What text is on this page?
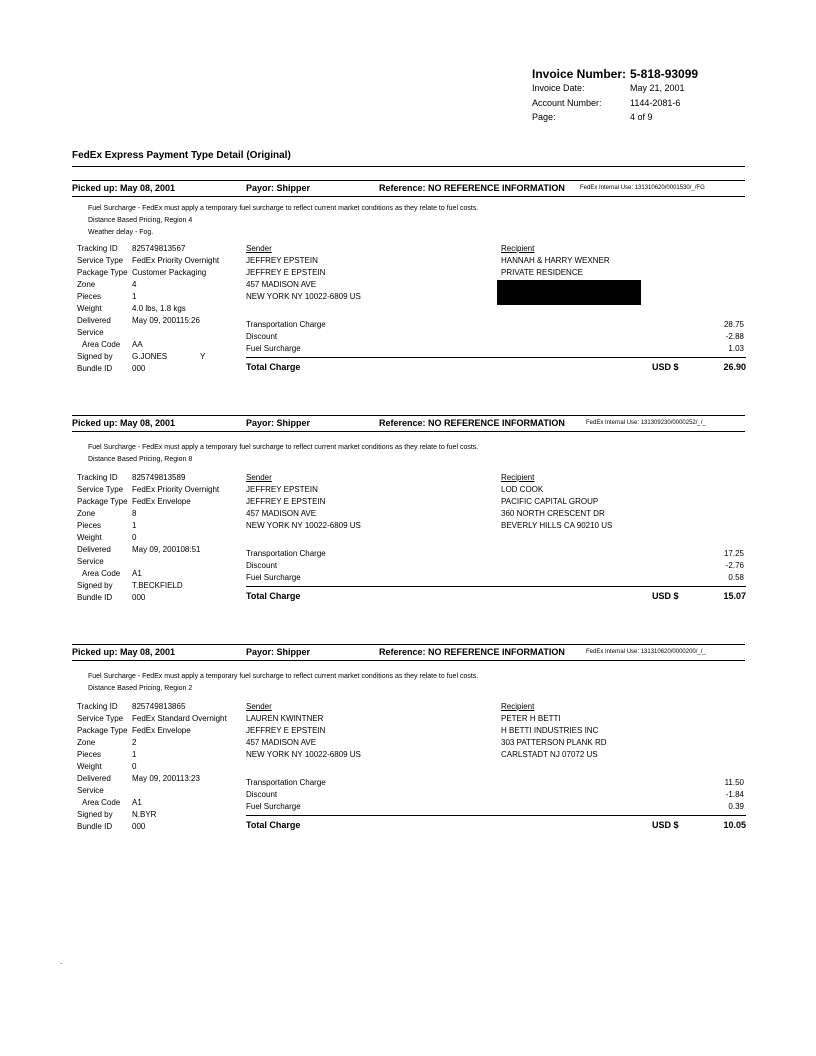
Invoice Number: 5-818-93099
Invoice Date:	May 21, 2001
Account Number:	1144-2081-6
Page:	4 of 9
FedEx Express Payment Type Detail (Original)
Picked up: May 08, 2001	Payor: Shipper	Reference: NO REFERENCE INFORMATION	FedEx Internal Use: 131310620/0001530/_/FG
Fuel Surcharge - FedEx must apply a temporary fuel surcharge to reflect current market conditions as they relate to fuel costs.
Distance Based Pricing, Region 4
Weather delay - Fog.
Tracking ID 825749813567
Service Type FedEx Priority Overnight
Package Type Customer Packaging
Zone	4
Pieces	1
Weight	4.0 lbs, 1.8 kgs
Delivered	May 09, 200115:26
Service
Area Code AA
Signed by G.JONES	Y
Bundle ID 000
Sender
JEFFREY EPSTEIN
JEFFREY E EPSTEIN
457 MADISON AVE
NEW YORK NY 10022-6809 US
Recipient
HANNAH & HARRY WEXNER
PRIVATE RESIDENCE
Transportation Charge	28.75
Discount	-2.88
Fuel Surcharge	1.03
Total Charge	USD $	26.90
Picked up: May 08, 2001	Payor: Shipper	Reference: NO REFERENCE INFORMATION	FedEx Internal Use: 131309230/0000252/_/_
Fuel Surcharge - FedEx must apply a temporary fuel surcharge to reflect current market conditions as they relate to fuel costs.
Distance Based Pricing, Region 8
Tracking ID 825749813589
Service Type FedEx Priority Overnight
Package Type FedEx Envelope
Zone	8
Pieces	1
Weight	0
Delivered	May 09, 200108:51
Service
Area Code A1
Signed by T.BECKFIELD
Bundle ID 000
Sender
JEFFREY EPSTEIN
JEFFREY E EPSTEIN
457 MADISON AVE
NEW YORK NY 10022-6809 US
Recipient
LOD COOK
PACIFIC CAPITAL GROUP
360 NORTH CRESCENT DR
BEVERLY HILLS CA 90210 US
Transportation Charge	17.25
Discount	-2.76
Fuel Surcharge	0.58
Total Charge	USD $	15.07
Picked up: May 08, 2001	Payor: Shipper	Reference: NO REFERENCE INFORMATION	FedEx Internal Use: 131310620/0000200/_/_
Fuel Surcharge - FedEx must apply a temporary fuel surcharge to reflect current market conditions as they relate to fuel costs.
Distance Based Pricing, Region 2
Tracking ID 825749813865
Service Type FedEx Standard Overnight
Package Type FedEx Envelope
Zone	2
Pieces	1
Weight	0
Delivered	May 09, 200113:23
Service
Area Code A1
Signed by N.BYR
Bundle ID 000
Sender
LAUREN KWINTNER
JEFFREY E EPSTEIN
457 MADISON AVE
NEW YORK NY 10022-6809 US
Recipient
PETER H BETTI
H BETTI INDUSTRIES INC
303 PATTERSON PLANK RD
CARLSTADT NJ 07072 US
Transportation Charge	11.50
Discount	-1.84
Fuel Surcharge	0.39
Total Charge	USD $	10.05
.
